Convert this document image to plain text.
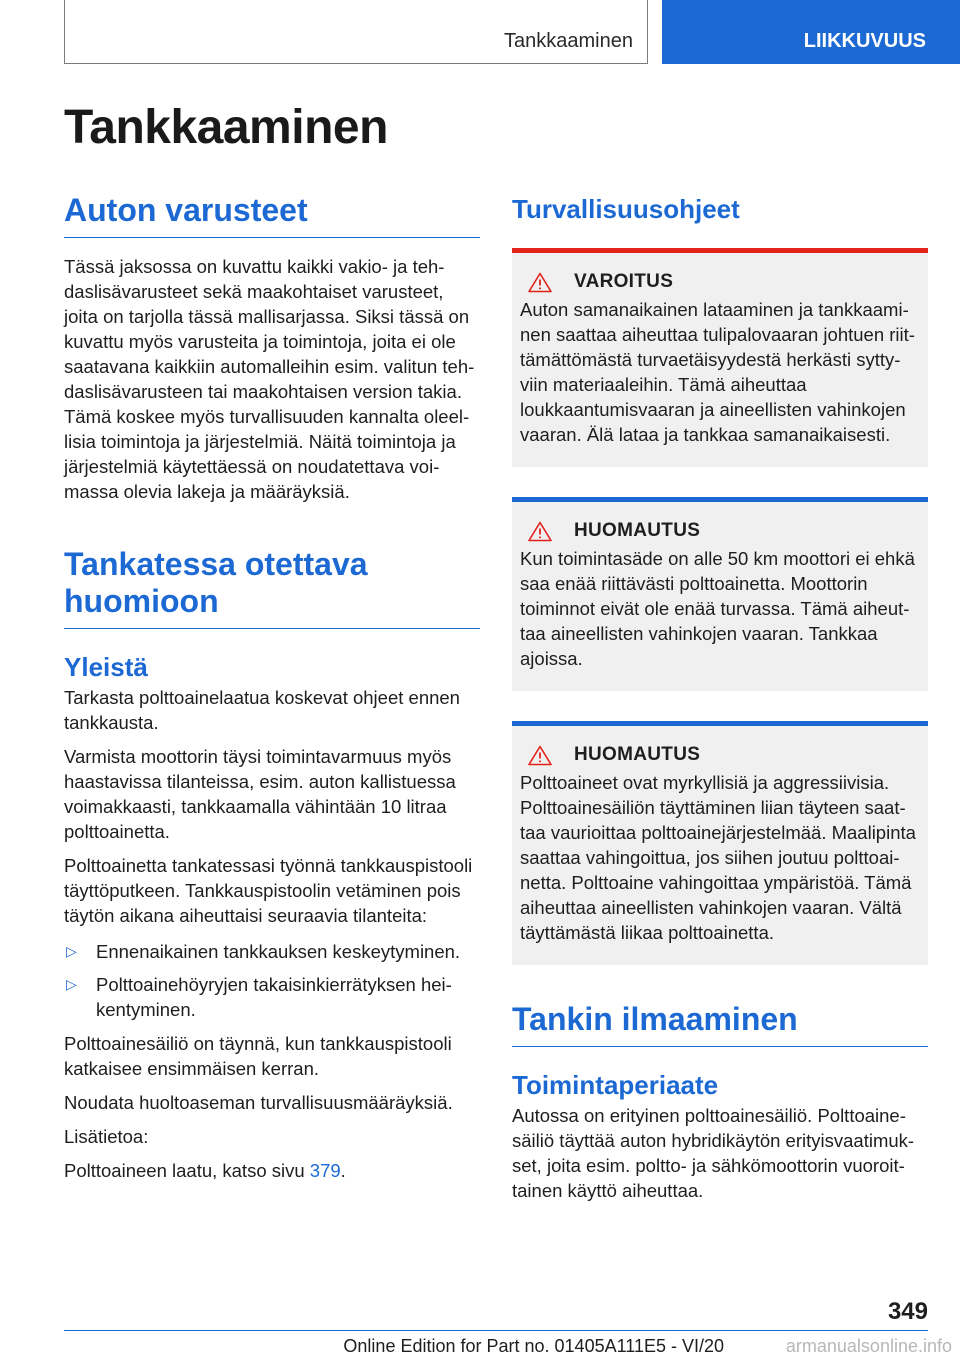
Tankkaaminen	LIIKKUVUUS
Tankkaaminen
Auton varusteet

Tässä jaksossa on kuvattu kaikki vakio- ja tehdaslisävarusteet sekä maakohtaiset varusteet, joita on tarjolla tässä mallisarjassa. Siksi tässä on kuvattu myös varusteita ja toimintoja, joita ei ole saatavana kaikkiin automalleihin esim. valitun tehdaslisävarusteen tai maakohtaisen version takia. Tämä koskee myös turvallisuuden kannalta oleellisia toimintoja ja järjestelmiä. Näitä toimintoja ja järjestelmiä käytettäessä on noudatettava voimassa olevia lakeja ja määräyksiä.

Tankatessa otettava huomioon
Yleistä

Tarkasta polttoainelaatua koskevat ohjeet ennen tankkausta.

Varmista moottorin täysi toimintavarmuus myös haastavissa tilanteissa, esim. auton kallistuessa voimakkaasti, tankkaamalla vähintään 10 litraa polttoainetta.

Polttoainetta tankatessasi työnnä tankkauspistooli täyttöputkeen. Tankkauspistoolin vetäminen pois täytön aikana aiheuttaisi seuraavia tilanteita:

▷	Ennenaikainen tankkauksen keskeytyminen.
▷	Polttoainehöyryjen takaisinkierrätyksen heikentyminen.

Polttoainesäiliö on täynnä, kun tankkauspistooli katkaisee ensimmäisen kerran.

Noudata huoltoaseman turvallisuusmääräyksiä.

Lisätietoa:

Polttoaineen laatu, katso sivu 379.

Turvallisuusohjeet
VAROITUS

Auton samanaikainen lataaminen ja tankkaaminen saattaa aiheuttaa tulipalovaaran johtuen riittämättömästä turvaetäisyydestä herkästi syttyviin materiaaleihin. Tämä aiheuttaa loukkaantumisvaaran ja aineellisten vahinkojen vaaran. Älä lataa ja tankkaa samanaikaisesti.

HUOMAUTUS

Kun toimintasäde on alle 50 km moottori ei ehkä saa enää riittävästi polttoainetta. Moottorin toiminnot eivät ole enää turvassa. Tämä aiheuttaa aineellisten vahinkojen vaaran. Tankkaa ajoissa.

HUOMAUTUS

Polttoaineet ovat myrkyllisiä ja aggressiivisia. Polttoainesäiliön täyttäminen liian täyteen saattaa vaurioittaa polttoainejärjestelmää. Maalipinta saattaa vahingoittua, jos siihen joutuu polttoainetta. Polttoaine vahingoittaa ympäristöä. Tämä aiheuttaa aineellisten vahinkojen vaaran. Vältä täyttämästä liikaa polttoainetta.

Tankin ilmaaminen
Toimintaperiaate

Autossa on erityinen polttoainesäiliö. Polttoainesäiliö täyttää auton hybridikäytön erityisvaatimukset, joita esim. poltto- ja sähkömoottorin vuoroittainen käyttö aiheuttaa.

349
Online Edition for Part no. 01405A111E5 - VI/20	armanualsonline.info
